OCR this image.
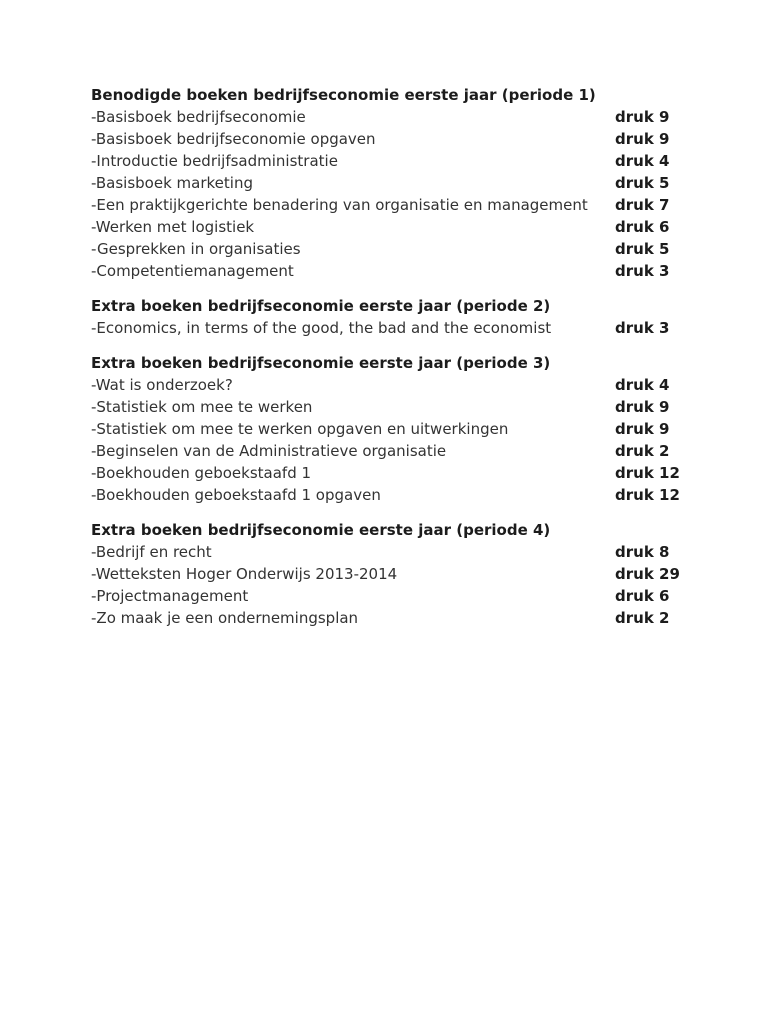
Benodigde boeken bedrijfseconomie eerste jaar (periode 1)
-Basisboek bedrijfseconomie	druk 9
-Basisboek bedrijfseconomie opgaven	druk 9
-Introductie bedrijfsadministratie	druk 4
-Basisboek marketing	druk 5
-Een praktijkgerichte benadering van organisatie en management druk 7
-Werken met logistiek	druk 6
-Gesprekken in organisaties	druk 5
-Competentiemanagement	druk 3
Extra boeken bedrijfseconomie eerste jaar (periode 2)
-Economics, in terms of the good, the bad and the economist	druk 3
Extra boeken bedrijfseconomie eerste jaar (periode 3)
-Wat is onderzoek?	druk 4
-Statistiek om mee te werken	druk 9
-Statistiek om mee te werken opgaven en uitwerkingen	druk 9
-Beginselen van de Administratieve organisatie	druk 2
-Boekhouden geboekstaafd 1	druk 12
-Boekhouden geboekstaafd 1 opgaven	druk 12
Extra boeken bedrijfseconomie eerste jaar (periode 4)
-Bedrijf en recht	druk 8
-Wetteksten Hoger Onderwijs 2013-2014	druk 29
-Projectmanagement	druk 6
-Zo maak je een ondernemingsplan	druk 2
